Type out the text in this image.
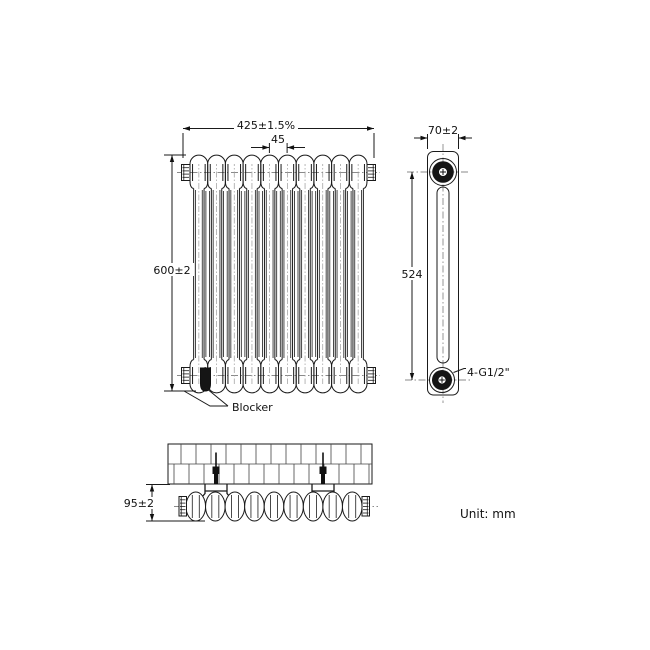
Blocker
425±1.5%
45
600±2
4-G1/2"
70±2
524
95±2
Unit: mm
